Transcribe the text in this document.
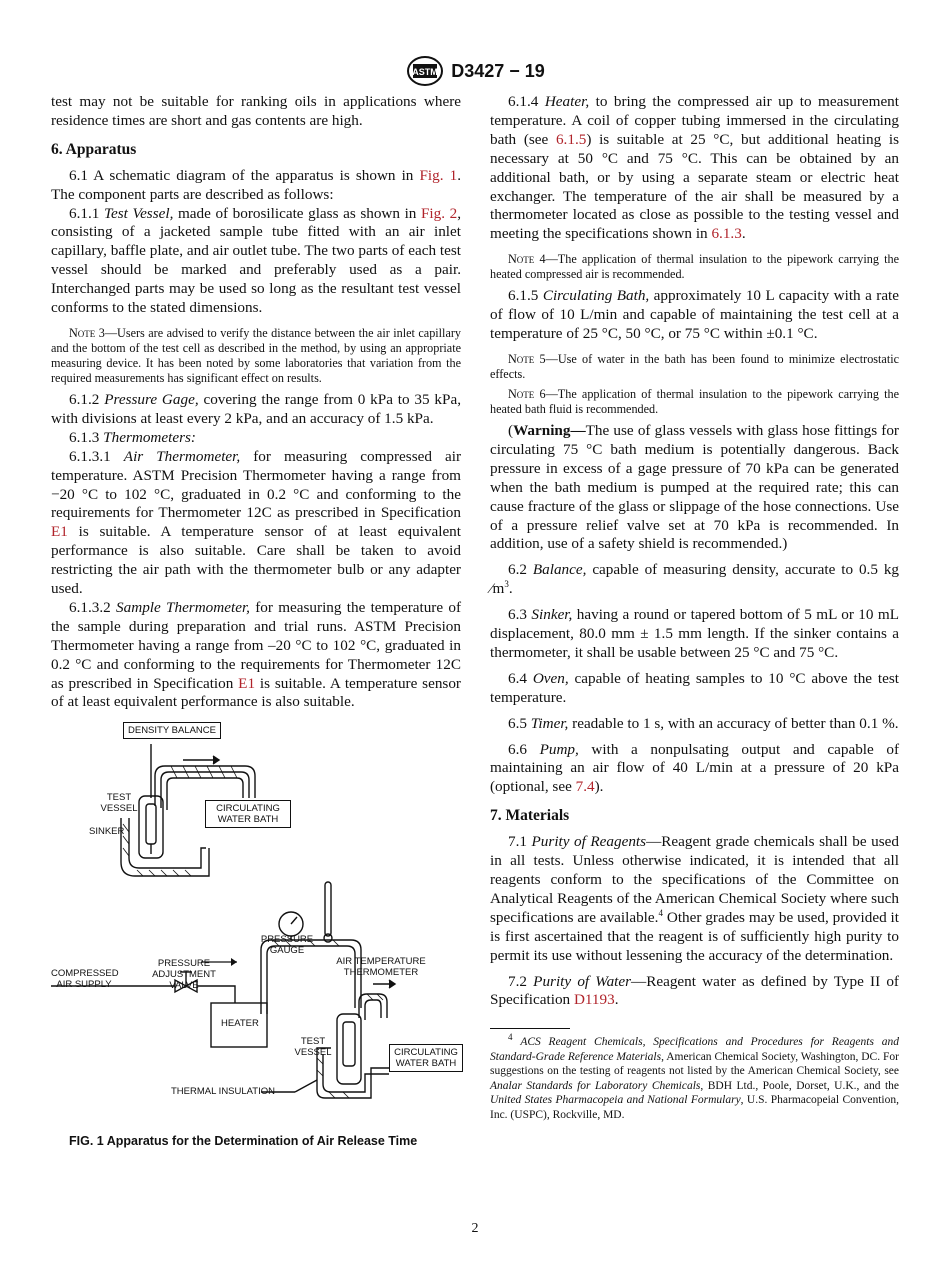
ASTM D3427 − 19

test may not be suitable for ranking oils in applications where residence times are short and gas contents are high.

6. Apparatus

6.1 A schematic diagram of the apparatus is shown in Fig. 1. The component parts are described as follows:

6.1.1 Test Vessel, made of borosilicate glass as shown in Fig. 2, consisting of a jacketed sample tube fitted with an air inlet capillary, baffle plate, and air outlet tube. The two parts of each test vessel should be marked and preferably used as a pair. Interchanged parts may be used so long as the resultant test vessel conforms to the stated dimensions.

Note 3—Users are advised to verify the distance between the air inlet capillary and the bottom of the test cell as described in the method, by using an appropriate measuring device. It has been noted by some laboratories that variation from the required measurements has significant effect on results.

6.1.2 Pressure Gage, covering the range from 0 kPa to 35 kPa, with divisions at least every 2 kPa, and an accuracy of 1.5 kPa.

6.1.3 Thermometers:

6.1.3.1 Air Thermometer, for measuring compressed air temperature. ASTM Precision Thermometer having a range from −20 °C to 102 °C, graduated in 0.2 °C and conforming to the requirements for Thermometer 12C as prescribed in Specification E1 is suitable. A temperature sensor of at least equivalent performance is also suitable. Care shall be taken to avoid restricting the air path with the thermometer bulb or any adapter used.

6.1.3.2 Sample Thermometer, for measuring the temperature of the sample during preparation and trial runs. ASTM Precision Thermometer having a range from –20 °C to 102 °C, graduated in 0.2 °C and conforming to the requirements for Thermometer 12C as prescribed in Specification E1 is suitable. A temperature sensor of at least equivalent performance is also suitable.

DENSITY BALANCE
TEST VESSEL
SINKER
CIRCULATING WATER BATH
PRESSURE GAUGE
AIR TEMPERATURE THERMOMETER
PRESSURE ADJUSTMENT VALVE
COMPRESSED AIR SUPPLY
HEATER
TEST VESSEL	CIRCULATING WATER BATH
THERMAL INSULATION
FIG. 1 Apparatus for the Determination of Air Release Time

6.1.4 Heater, to bring the compressed air up to measurement temperature. A coil of copper tubing immersed in the circulating bath (see 6.1.5) is suitable at 25 °C, but additional heating is necessary at 50 °C and 75 °C. This can be obtained by an additional bath, or by using a separate steam or electric heat exchanger. The temperature of the air shall be measured by a thermometer located as close as possible to the testing vessel and meeting the specifications shown in 6.1.3.

Note 4—The application of thermal insulation to the pipework carrying the heated compressed air is recommended.

6.1.5 Circulating Bath, approximately 10 L capacity with a rate of flow of 10 L/min and capable of maintaining the test cell at a temperature of 25 °C, 50 °C, or 75 °C within ±0.1 °C.

Note 5—Use of water in the bath has been found to minimize electrostatic effects.

Note 6—The application of thermal insulation to the pipework carrying the heated bath fluid is recommended.

(Warning—The use of glass vessels with glass hose fittings for circulating 75 °C bath medium is potentially dangerous. Back pressure in excess of a gage pressure of 70 kPa can be generated when the bath medium is pumped at the required rate; this can cause fracture of the glass or slippage of the hose connections. Use of a pressure relief valve set at 70 kPa is recommended. In addition, use of a safety shield is recommended.)

6.2 Balance, capable of measuring density, accurate to 0.5 kg $⁄m^3$.

6.3 Sinker, having a round or tapered bottom of 5 mL or 10 mL displacement, 80.0 mm ± 1.5 mm length. If the sinker contains a thermometer, it shall be usable between 25 °C and 75 °C.

6.4 Oven, capable of heating samples to 10 °C above the test temperature.

6.5 Timer, readable to 1 s, with an accuracy of better than 0.1 %.

6.6 Pump, with a nonpulsating output and capable of maintaining an air flow of 40 L/min at a pressure of 20 kPa (optional, see 7.4).

7. Materials

7.1 Purity of Reagents—Reagent grade chemicals shall be used in all tests. Unless otherwise indicated, it is intended that all reagents conform to the specifications of the Committee on Analytical Reagents of the American Chemical Society where such specifications are available.$^4$ Other grades may be used, provided it is first ascertained that the reagent is of sufficiently high purity to permit its use without lessening the accuracy of the determination.

7.2 Purity of Water—Reagent water as defined by Type II of Specification D1193.

$^4$ ACS Reagent Chemicals, Specifications and Procedures for Reagents and Standard-Grade Reference Materials, American Chemical Society, Washington, DC. For suggestions on the testing of reagents not listed by the American Chemical Society, see Analar Standards for Laboratory Chemicals, BDH Ltd., Poole, Dorset, U.K., and the United States Pharmacopeia and National Formulary, U.S. Pharmacopeial Convention, Inc. (USPC), Rockville, MD.

2
